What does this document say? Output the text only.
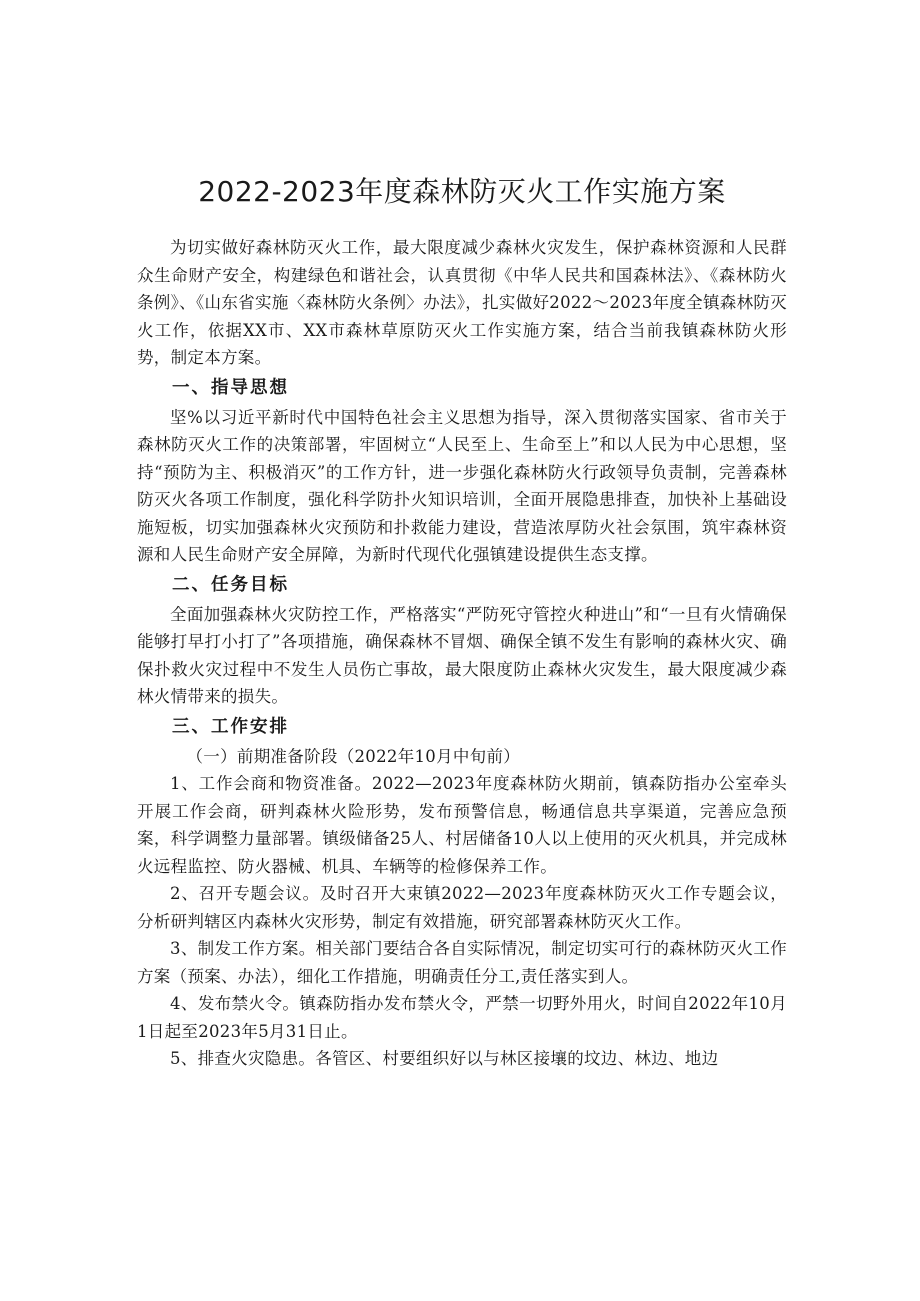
2022-2023年度森林防灭火工作实施方案

为切实做好森林防灭火工作，最大限度减少森林火灾发生，保护森林资源和人民群众生命财产安全，构建绿色和谐社会，认真贯彻《中华人民共和国森林法》、《森林防火条例》、《山东省实施〈森林防火条例〉办法》，扎实做好2022～2023年度全镇森林防灭火工作，依据XX市、XX市森林草原防灭火工作实施方案，结合当前我镇森林防火形势，制定本方案。

一、指导思想

坚%以习近平新时代中国特色社会主义思想为指导，深入贯彻落实国家、省市关于森林防灭火工作的决策部署，牢固树立“人民至上、生命至上”和以人民为中心思想，坚持“预防为主、积极消灭”的工作方针，进一步强化森林防火行政领导负责制，完善森林防灭火各项工作制度，强化科学防扑火知识培训，全面开展隐患排查，加快补上基础设施短板，切实加强森林火灾预防和扑救能力建设，营造浓厚防火社会氛围，筑牢森林资源和人民生命财产安全屏障，为新时代现代化强镇建设提供生态支撑。

二、任务目标

全面加强森林火灾防控工作，严格落实“严防死守管控火种进山”和“一旦有火情确保能够打早打小打了”各项措施，确保森林不冒烟、确保全镇不发生有影响的森林火灾、确保扑救火灾过程中不发生人员伤亡事故，最大限度防止森林火灾发生，最大限度减少森林火情带来的损失。

三、工作安排

（一）前期准备阶段（2022年10月中旬前）

1、工作会商和物资准备。2022—2023年度森林防火期前，镇森防指办公室牵头开展工作会商，研判森林火险形势，发布预警信息，畅通信息共享渠道，完善应急预案，科学调整力量部署。镇级储备25人、村居储备10人以上使用的灭火机具，并完成林火远程监控、防火器械、机具、车辆等的检修保养工作。

2、召开专题会议。及时召开大束镇2022—2023年度森林防灭火工作专题会议，分析研判辖区内森林火灾形势，制定有效措施，研究部署森林防灭火工作。

3、制发工作方案。相关部门要结合各自实际情况，制定切实可行的森林防灭火工作方案（预案、办法），细化工作措施，明确责任分工,责任落实到人。

4、发布禁火令。镇森防指办发布禁火令，严禁一切野外用火，时间自2022年10月1日起至2023年5月31日止。

5、排查火灾隐患。各管区、村要组织好以与林区接壤的坟边、林边、地边
